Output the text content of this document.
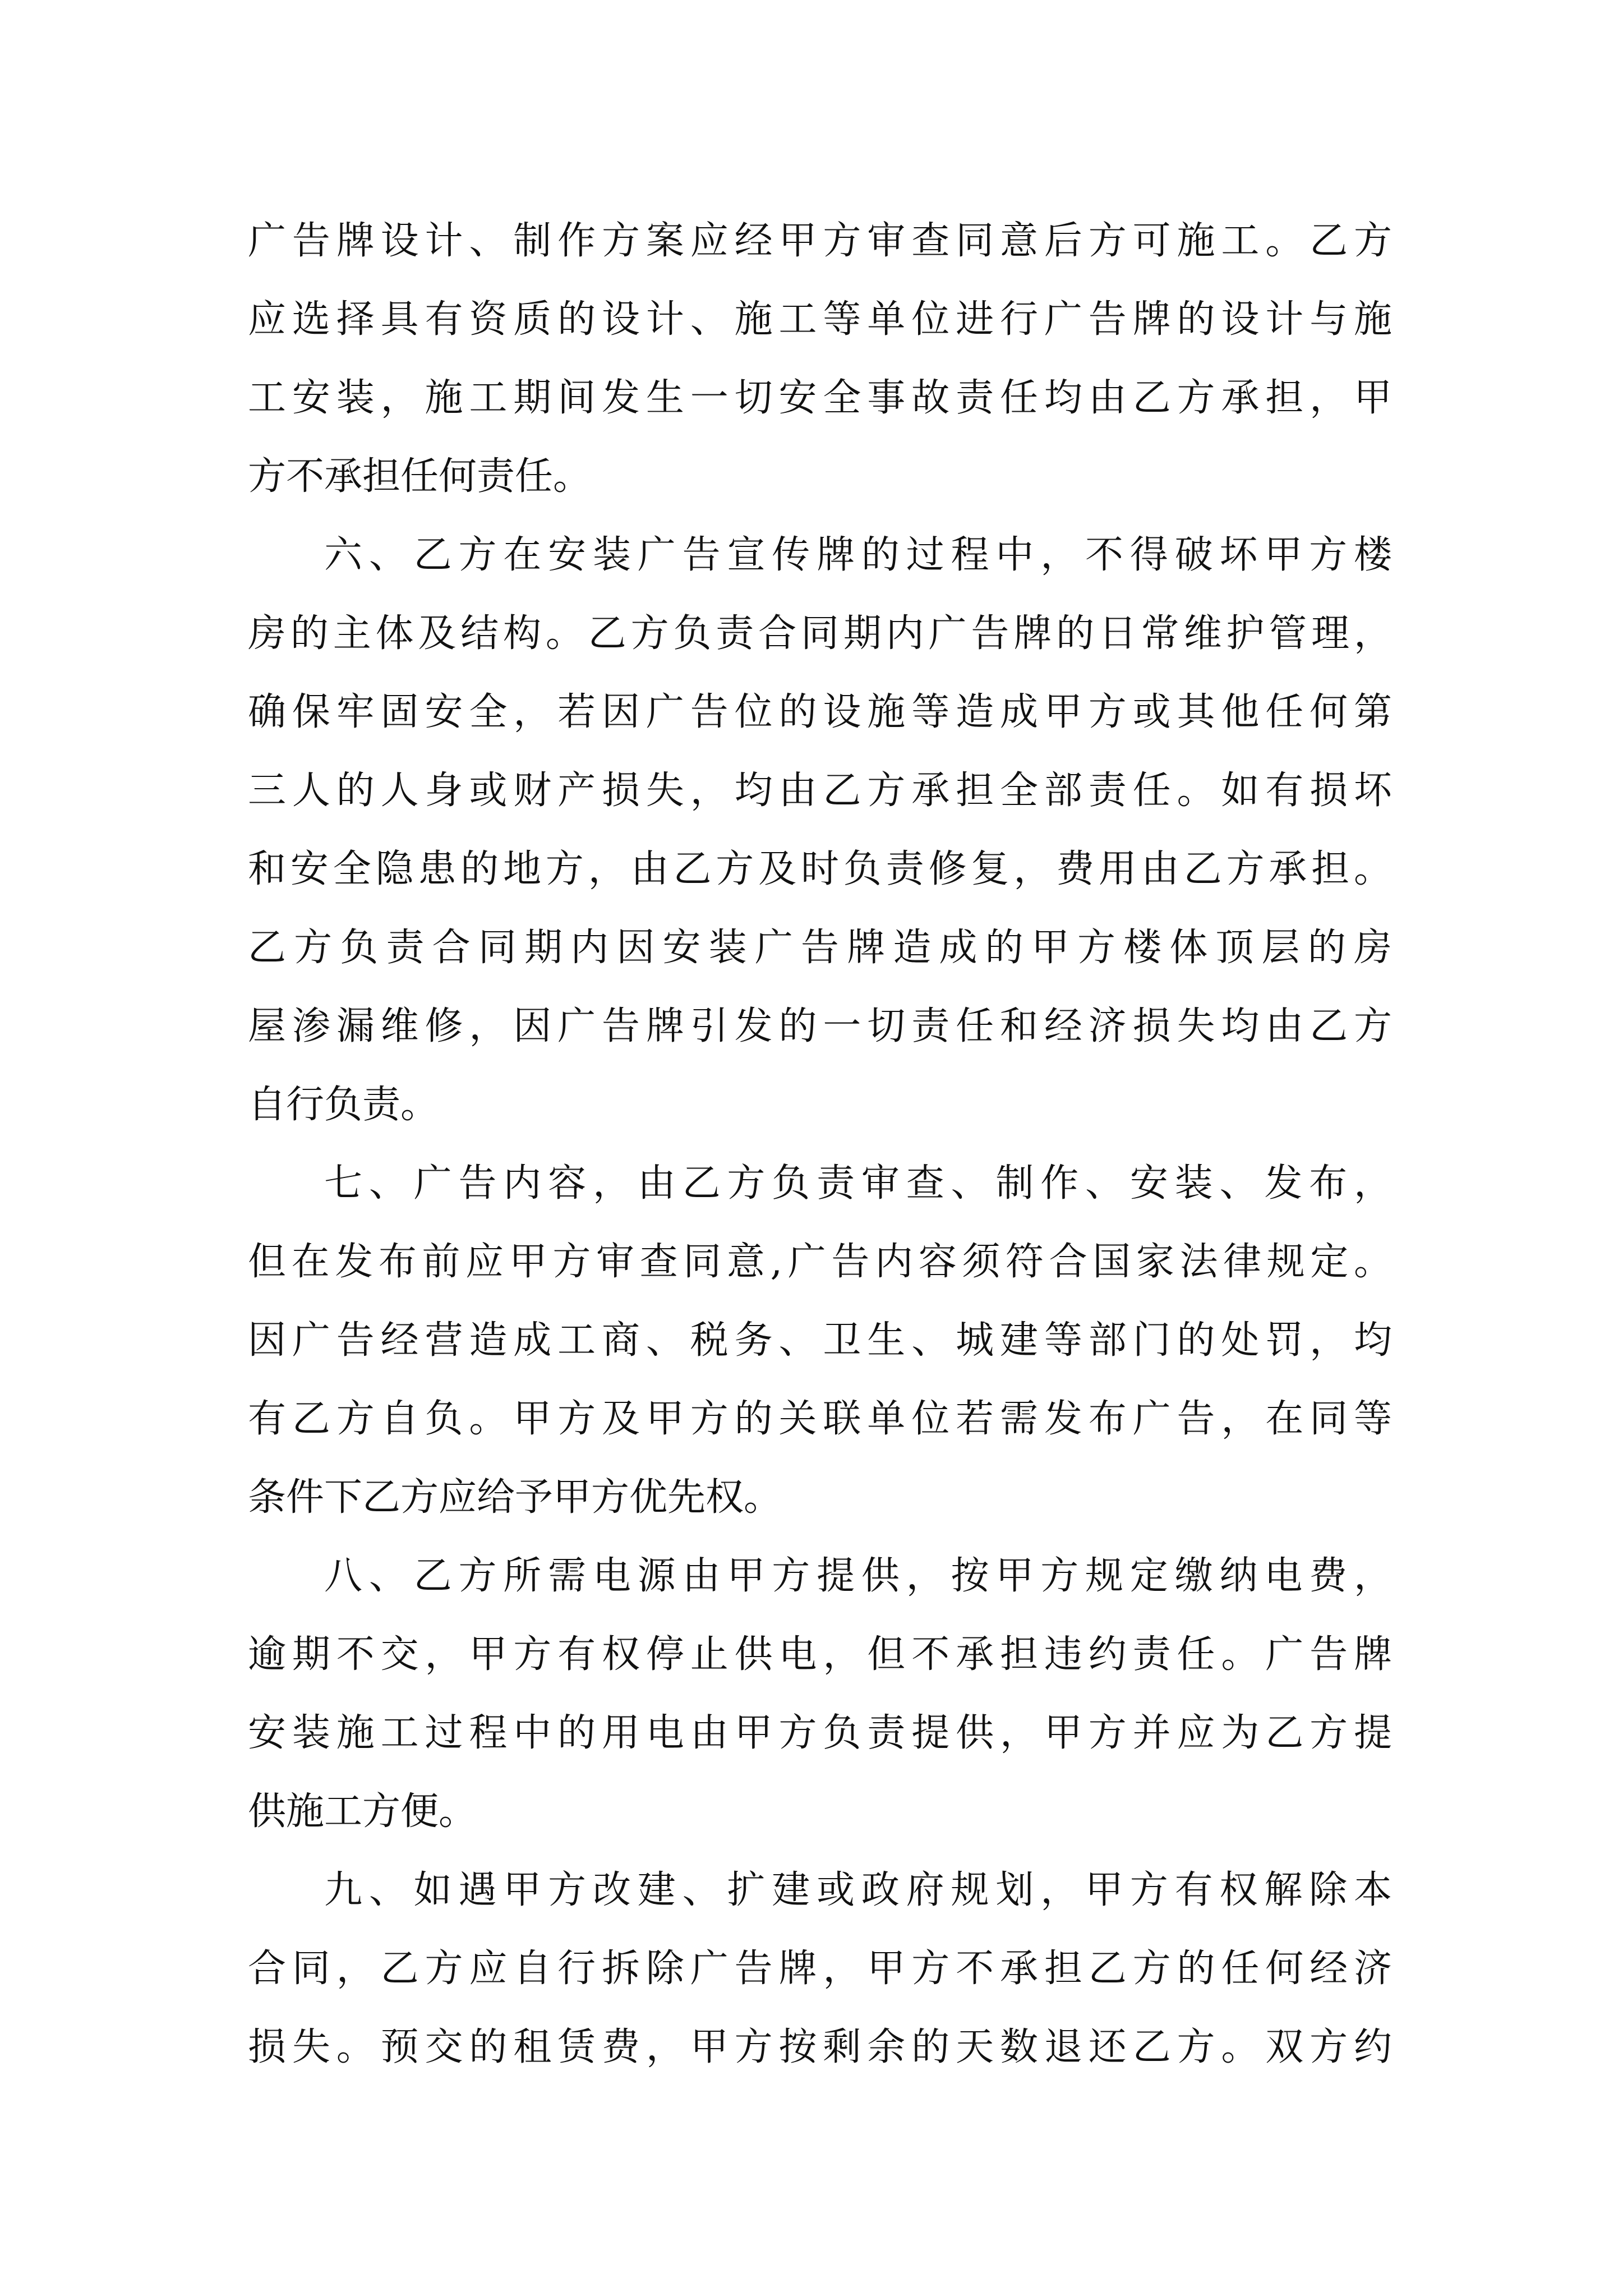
广告牌设计、制作方案应经甲方审查同意后方可施工。乙方
应选择具有资质的设计、施工等单位进行广告牌的设计与施
工安装，施工期间发生一切安全事故责任均由乙方承担，甲
方不承担任何责任。
六、乙方在安装广告宣传牌的过程中，不得破坏甲方楼
房的主体及结构。乙方负责合同期内广告牌的日常维护管理，
确保牢固安全，若因广告位的设施等造成甲方或其他任何第
三人的人身或财产损失，均由乙方承担全部责任。如有损坏
和安全隐患的地方，由乙方及时负责修复，费用由乙方承担。
乙方负责合同期内因安装广告牌造成的甲方楼体顶层的房
屋渗漏维修，因广告牌引发的一切责任和经济损失均由乙方
自行负责。
七、广告内容，由乙方负责审查、制作、安装、发布，
但在发布前应甲方审查同意,广告内容须符合国家法律规定。
因广告经营造成工商、税务、卫生、城建等部门的处罚，均
有乙方自负。甲方及甲方的关联单位若需发布广告，在同等
条件下乙方应给予甲方优先权。
八、乙方所需电源由甲方提供，按甲方规定缴纳电费，
逾期不交，甲方有权停止供电，但不承担违约责任。广告牌
安装施工过程中的用电由甲方负责提供，甲方并应为乙方提
供施工方便。
九、如遇甲方改建、扩建或政府规划，甲方有权解除本
合同，乙方应自行拆除广告牌，甲方不承担乙方的任何经济
损失。预交的租赁费，甲方按剩余的天数退还乙方。双方约
